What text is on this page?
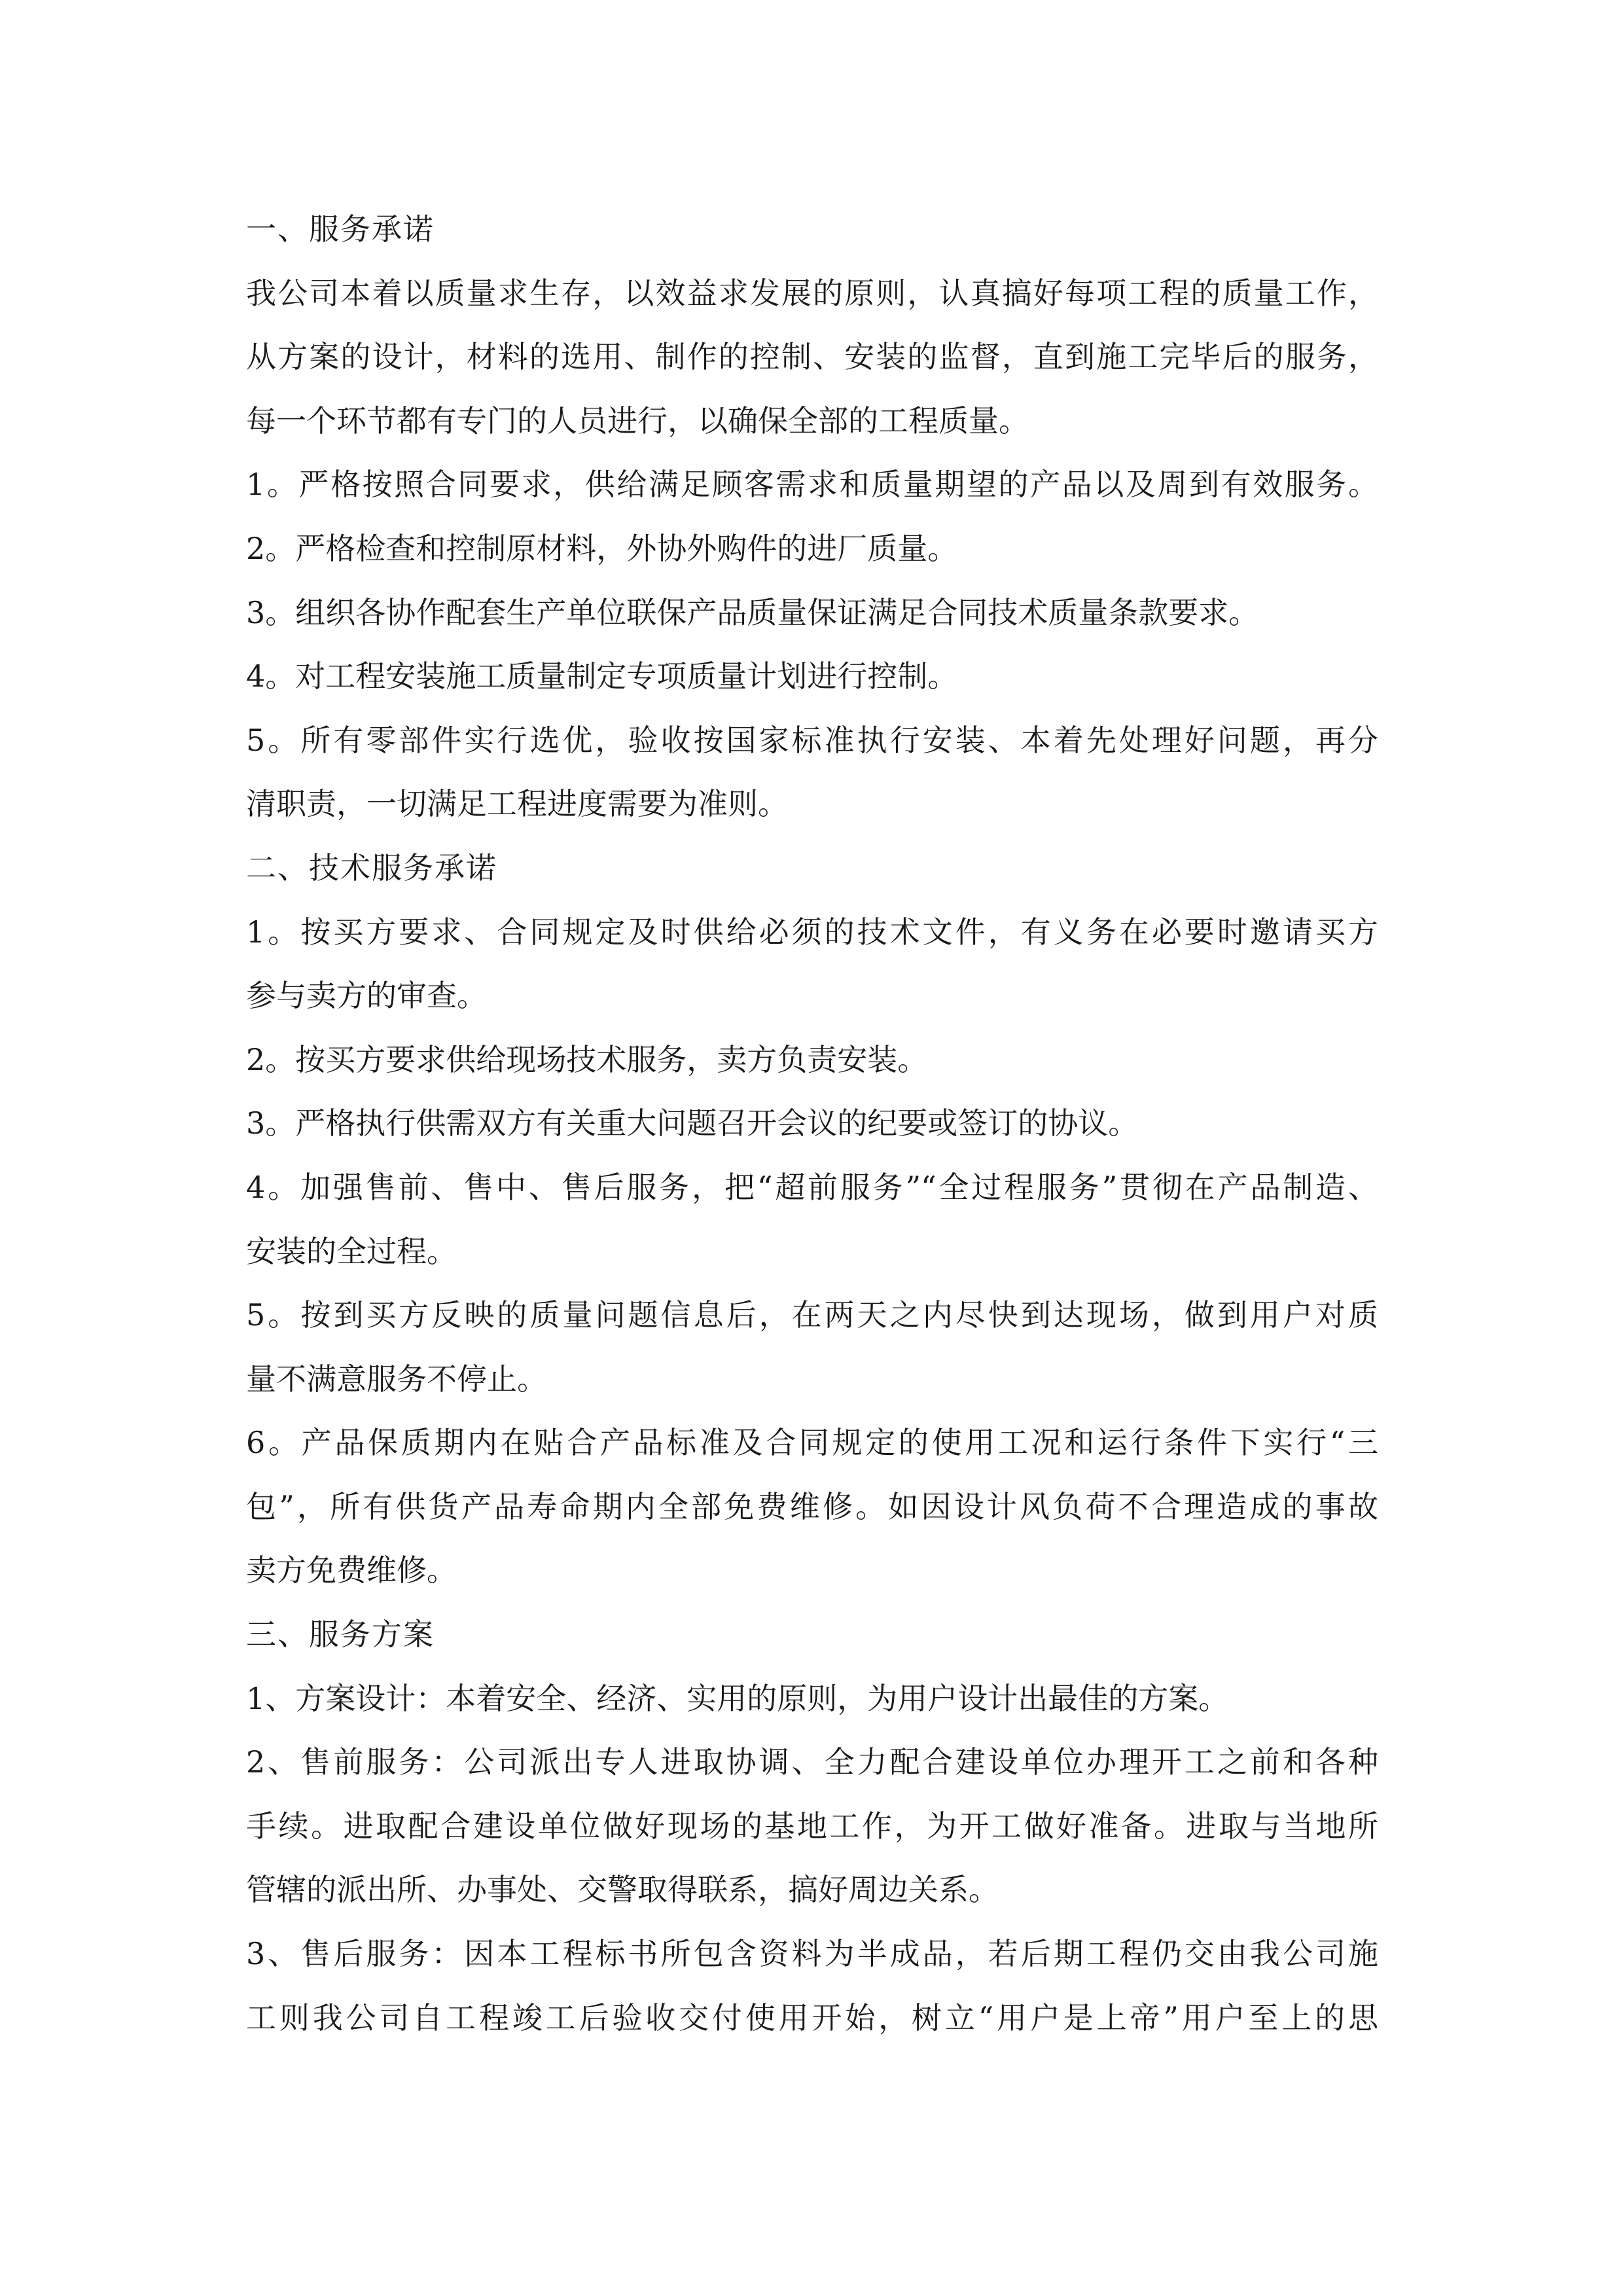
一、服务承诺
我公司本着以质量求生存，以效益求发展的原则，认真搞好每项工程的质量工作，
从方案的设计，材料的选用、制作的控制、安装的监督，直到施工完毕后的服务，
每一个环节都有专门的人员进行，以确保全部的工程质量。
1。严格按照合同要求，供给满足顾客需求和质量期望的产品以及周到有效服务。
2。严格检查和控制原材料，外协外购件的进厂质量。
3。组织各协作配套生产单位联保产品质量保证满足合同技术质量条款要求。
4。对工程安装施工质量制定专项质量计划进行控制。
5。所有零部件实行选优，验收按国家标准执行安装、本着先处理好问题，再分
清职责，一切满足工程进度需要为准则。
二、技术服务承诺
1。按买方要求、合同规定及时供给必须的技术文件，有义务在必要时邀请买方
参与卖方的审查。
2。按买方要求供给现场技术服务，卖方负责安装。
3。严格执行供需双方有关重大问题召开会议的纪要或签订的协议。
4。加强售前、售中、售后服务，把“超前服务”“全过程服务”贯彻在产品制造、
安装的全过程。
5。按到买方反映的质量问题信息后，在两天之内尽快到达现场，做到用户对质
量不满意服务不停止。
6。产品保质期内在贴合产品标准及合同规定的使用工况和运行条件下实行“三
包”，所有供货产品寿命期内全部免费维修。如因设计风负荷不合理造成的事故
卖方免费维修。
三、服务方案
1、方案设计：本着安全、经济、实用的原则，为用户设计出最佳的方案。
2、售前服务：公司派出专人进取协调、全力配合建设单位办理开工之前和各种
手续。进取配合建设单位做好现场的基地工作，为开工做好准备。进取与当地所
管辖的派出所、办事处、交警取得联系，搞好周边关系。
3、售后服务：因本工程标书所包含资料为半成品，若后期工程仍交由我公司施
工则我公司自工程竣工后验收交付使用开始，树立“用户是上帝”用户至上的思
